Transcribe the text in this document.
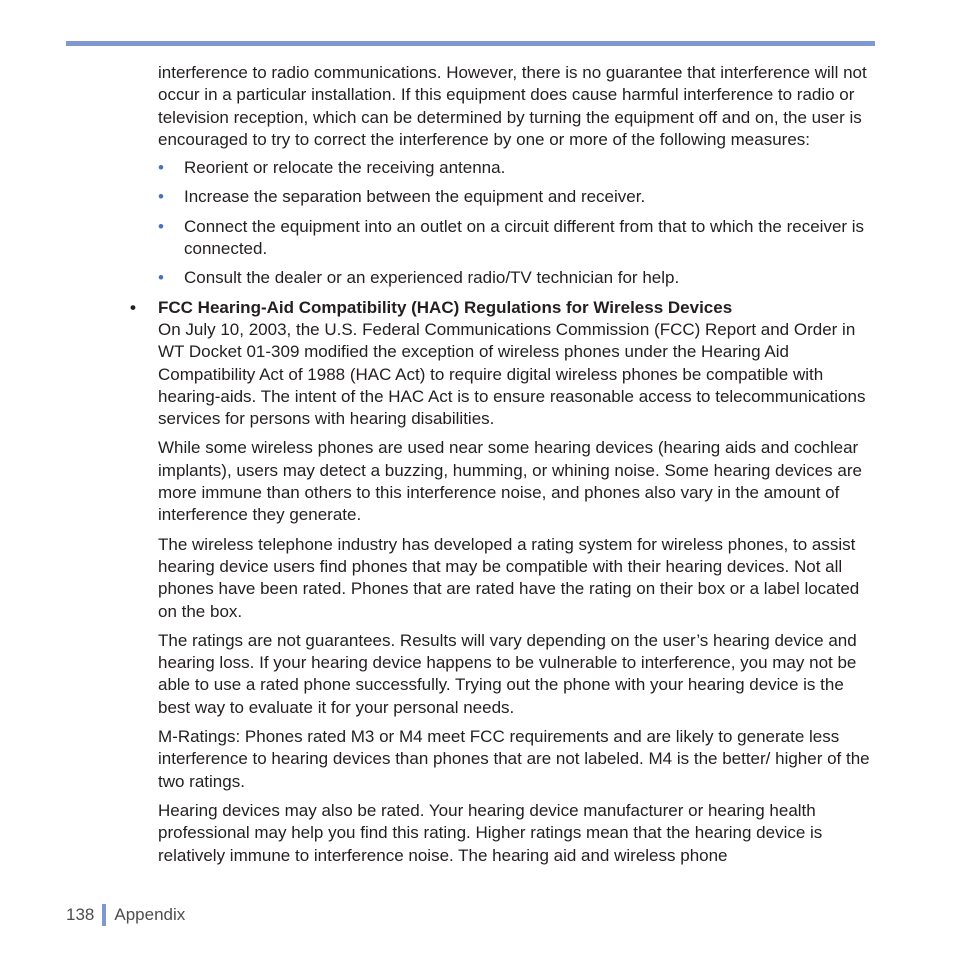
interference to radio communications. However, there is no guarantee that interference will not occur in a particular installation. If this equipment does cause harmful interference to radio or television reception, which can be determined by turning the equipment off and on, the user is encouraged to try to correct the interference by one or more of the following measures:

• Reorient or relocate the receiving antenna.
• Increase the separation between the equipment and receiver.
• Connect the equipment into an outlet on a circuit different from that to which the receiver is connected.
• Consult the dealer or an experienced radio/TV technician for help.
• FCC Hearing-Aid Compatibility (HAC) Regulations for Wireless Devices

On July 10, 2003, the U.S. Federal Communications Commission (FCC) Report and Order in WT Docket 01-309 modified the exception of wireless phones under the Hearing Aid Compatibility Act of 1988 (HAC Act) to require digital wireless phones be compatible with hearing-aids. The intent of the HAC Act is to ensure reasonable access to telecommunications services for persons with hearing disabilities.

While some wireless phones are used near some hearing devices (hearing aids and cochlear implants), users may detect a buzzing, humming, or whining noise. Some hearing devices are more immune than others to this interference noise, and phones also vary in the amount of interference they generate.

The wireless telephone industry has developed a rating system for wireless phones, to assist hearing device users find phones that may be compatible with their hearing devices. Not all phones have been rated. Phones that are rated have the rating on their box or a label located on the box.

The ratings are not guarantees. Results will vary depending on the user’s hearing device and hearing loss. If your hearing device happens to be vulnerable to interference, you may not be able to use a rated phone successfully. Trying out the phone with your hearing device is the best way to evaluate it for your personal needs.

M-Ratings: Phones rated M3 or M4 meet FCC requirements and are likely to generate less interference to hearing devices than phones that are not labeled. M4 is the better/ higher of the two ratings.

Hearing devices may also be rated. Your hearing device manufacturer or hearing health professional may help you find this rating. Higher ratings mean that the hearing device is relatively immune to interference noise. The hearing aid and wireless phone

138 Appendix
